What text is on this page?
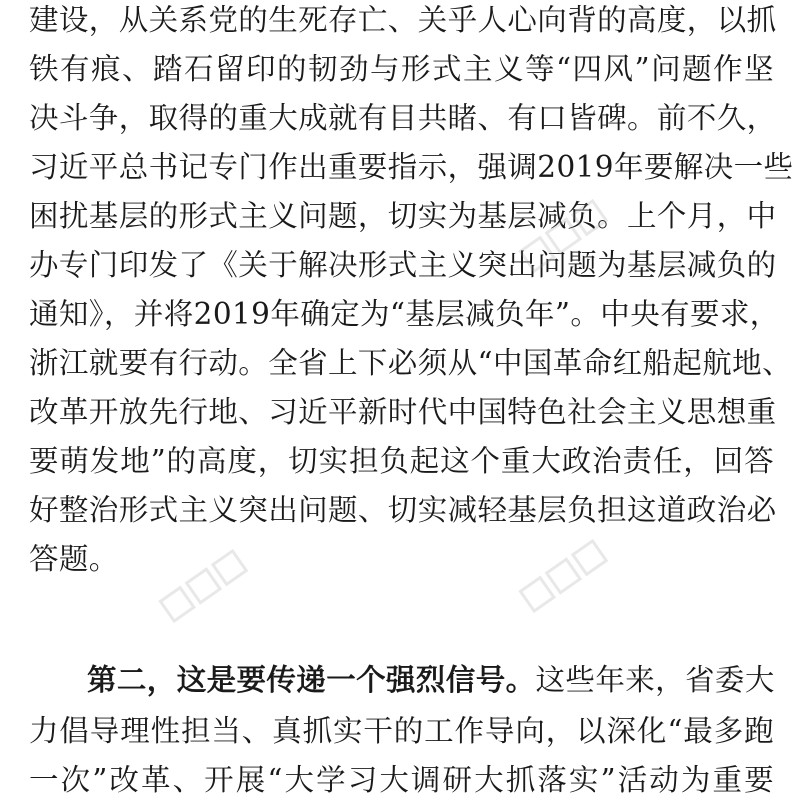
建设，从关系党的生死存亡、关乎人心向背的高度，以抓
铁有痕、踏石留印的韧劲与形式主义等“四风”问题作坚
决斗争，取得的重大成就有目共睹、有口皆碑。前不久，
习近平总书记专门作出重要指示，强调2019年要解决一些
困扰基层的形式主义问题，切实为基层减负。上个月，中
办专门印发了《关于解决形式主义突出问题为基层减负的
通知》，并将2019年确定为“基层减负年”。中央有要求，
浙江就要有行动。全省上下必须从“中国革命红船起航地、
改革开放先行地、习近平新时代中国特色社会主义思想重
要萌发地”的高度，切实担负起这个重大政治责任，回答
好整治形式主义突出问题、切实减轻基层负担这道政治必
答题。
第二，这是要传递一个强烈信号。这些年来，省委大
力倡导理性担当、真抓实干的工作导向，以深化“最多跑
一次”改革、开展“大学习大调研大抓落实”活动为重要
